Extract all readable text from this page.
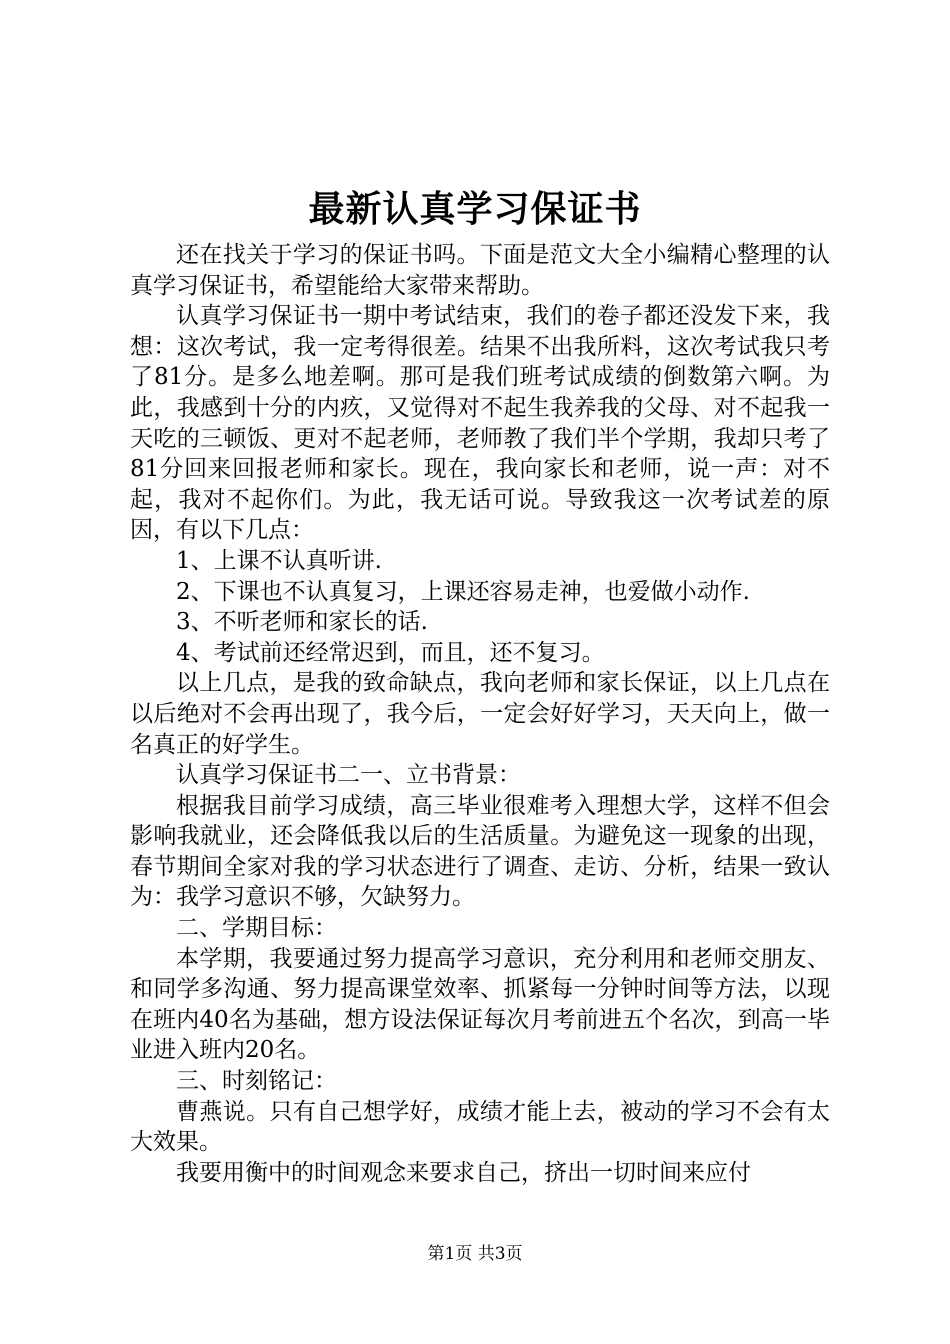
最新认真学习保证书

还在找关于学习的保证书吗。下面是范文大全小编精心整理的认真学习保证书，希望能给大家带来帮助。

认真学习保证书一期中考试结束，我们的卷子都还没发下来，我想：这次考试，我一定考得很差。结果不出我所料，这次考试我只考了81分。是多么地差啊。那可是我们班考试成绩的倒数第六啊。为此，我感到十分的内疚，又觉得对不起生我养我的父母、对不起我一天吃的三顿饭、更对不起老师，老师教了我们半个学期，我却只考了81分回来回报老师和家长。现在，我向家长和老师，说一声：对不起，我对不起你们。为此，我无话可说。导致我这一次考试差的原因，有以下几点：

1、上课不认真听讲.

2、下课也不认真复习，上课还容易走神，也爱做小动作.

3、不听老师和家长的话.

4、考试前还经常迟到，而且，还不复习。

以上几点，是我的致命缺点，我向老师和家长保证，以上几点在以后绝对不会再出现了，我今后，一定会好好学习，天天向上，做一名真正的好学生。

认真学习保证书二一、立书背景：

根据我目前学习成绩，高三毕业很难考入理想大学，这样不但会影响我就业，还会降低我以后的生活质量。为避免这一现象的出现，春节期间全家对我的学习状态进行了调查、走访、分析，结果一致认为：我学习意识不够，欠缺努力。

二、学期目标：

本学期，我要通过努力提高学习意识，充分利用和老师交朋友、和同学多沟通、努力提高课堂效率、抓紧每一分钟时间等方法，以现在班内40名为基础，想方设法保证每次月考前进五个名次，到高一毕业进入班内20名。

三、时刻铭记：

曹燕说。只有自己想学好，成绩才能上去，被动的学习不会有太大效果。

我要用衡中的时间观念来要求自己，挤出一切时间来应付

第1页 共3页
